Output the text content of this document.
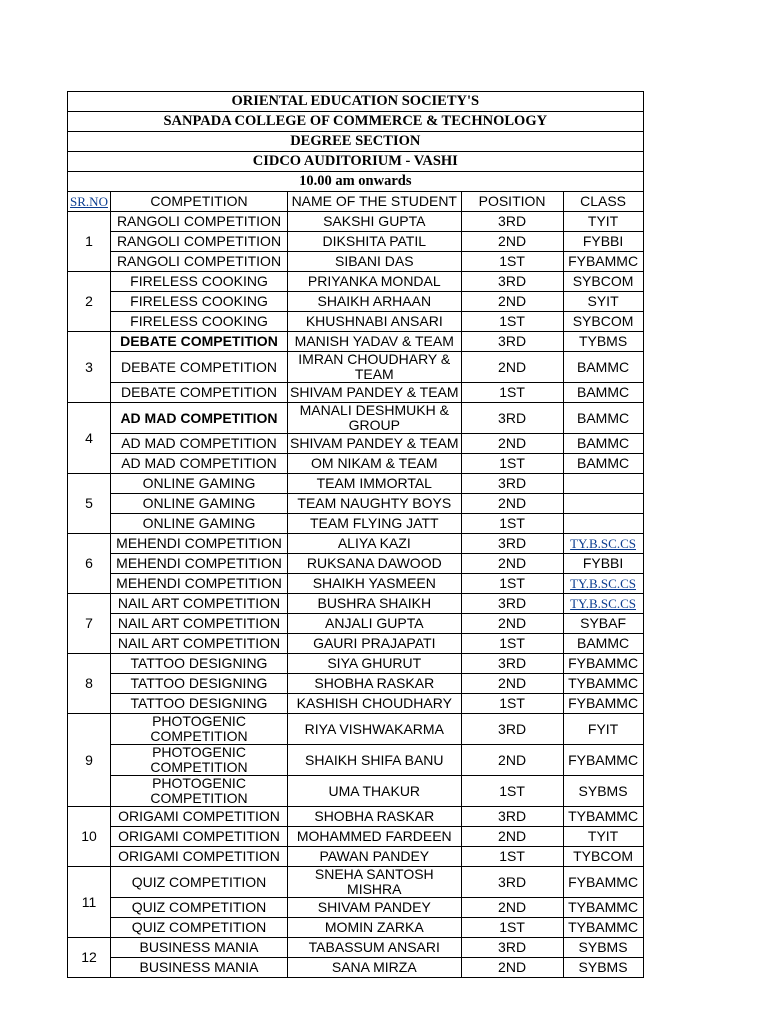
ORIENTAL EDUCATION SOCIETY'S				
SANPADA COLLEGE OF COMMERCE & TECHNOLOGY				
DEGREE SECTION				
CIDCO AUDITORIUM - VASHI				
10.00 am onwards				
SR.NO	COMPETITION	NAME OF THE STUDENT	POSITION	CLASS
1	RANGOLI COMPETITION	SAKSHI GUPTA	3RD	TYIT
	RANGOLI COMPETITION	DIKSHITA PATIL	2ND	FYBBI
	RANGOLI COMPETITION	SIBANI DAS	1ST	FYBAMMC
2	FIRELESS COOKING	PRIYANKA MONDAL	3RD	SYBCOM
	FIRELESS COOKING	SHAIKH ARHAAN	2ND	SYIT
	FIRELESS COOKING	KHUSHNABI ANSARI	1ST	SYBCOM
3	DEBATE COMPETITION	MANISH YADAV & TEAM	3RD	TYBMS
	DEBATE COMPETITION	IMRAN CHOUDHARY & TEAM	2ND	BAMMC
	DEBATE COMPETITION	SHIVAM PANDEY & TEAM	1ST	BAMMC
4	AD MAD COMPETITION	MANALI DESHMUKH & GROUP	3RD	BAMMC
	AD MAD COMPETITION	SHIVAM PANDEY & TEAM	2ND	BAMMC
	AD MAD COMPETITION	OM NIKAM & TEAM	1ST	BAMMC
5	ONLINE GAMING	TEAM IMMORTAL	3RD	
	ONLINE GAMING	TEAM NAUGHTY BOYS	2ND	
	ONLINE GAMING	TEAM FLYING JATT	1ST	
6	MEHENDI COMPETITION	ALIYA KAZI	3RD	TY.B.SC.CS
	MEHENDI COMPETITION	RUKSANA DAWOOD	2ND	FYBBI
	MEHENDI COMPETITION	SHAIKH YASMEEN	1ST	TY.B.SC.CS
7	NAIL ART COMPETITION	BUSHRA SHAIKH	3RD	TY.B.SC.CS
	NAIL ART COMPETITION	ANJALI GUPTA	2ND	SYBAF
	NAIL ART COMPETITION	GAURI PRAJAPATI	1ST	BAMMC
8	TATTOO DESIGNING	SIYA GHURUT	3RD	FYBAMMC
	TATTOO DESIGNING	SHOBHA RASKAR	2ND	TYBAMMC
	TATTOO DESIGNING	KASHISH CHOUDHARY	1ST	FYBAMMC
9	PHOTOGENIC COMPETITION	RIYA VISHWAKARMA	3RD	FYIT
	PHOTOGENIC COMPETITION	SHAIKH SHIFA BANU	2ND	FYBAMMC
	PHOTOGENIC COMPETITION	UMA THAKUR	1ST	SYBMS
10	ORIGAMI COMPETITION	SHOBHA RASKAR	3RD	TYBAMMC
	ORIGAMI COMPETITION	MOHAMMED FARDEEN	2ND	TYIT
	ORIGAMI COMPETITION	PAWAN PANDEY	1ST	TYBCOM
11	QUIZ COMPETITION	SNEHA SANTOSH MISHRA	3RD	FYBAMMC
	QUIZ COMPETITION	SHIVAM PANDEY	2ND	TYBAMMC
	QUIZ COMPETITION	MOMIN ZARKA	1ST	TYBAMMC
12	BUSINESS MANIA	TABASSUM ANSARI	3RD	SYBMS
	BUSINESS MANIA	SANA MIRZA	2ND	SYBMS
